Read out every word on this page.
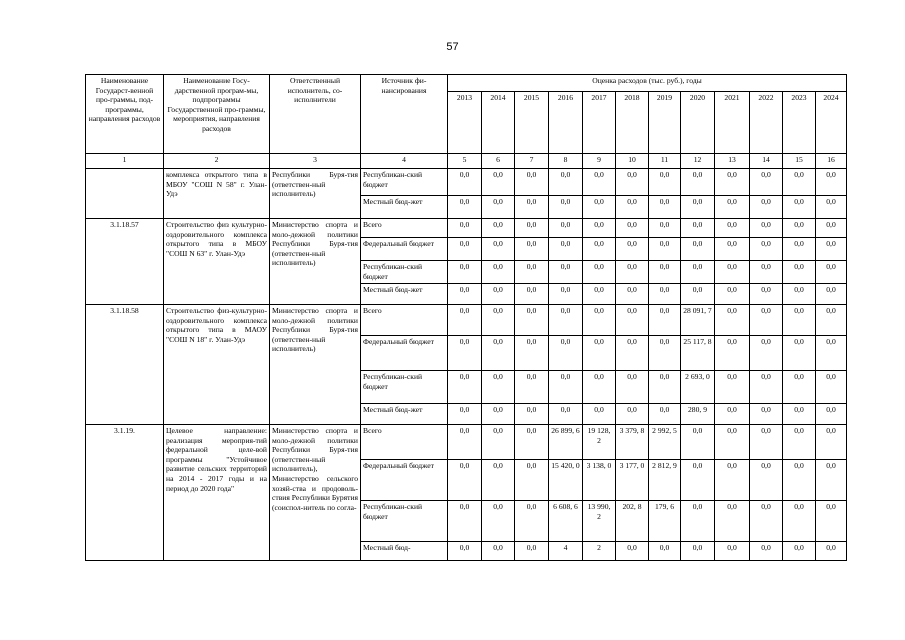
57
Наименование Государст-венной про-граммы, под-программы, направления расходов	Наименование Госу-дарственной програм-мы, подпрограммы Государственной про-граммы, мероприятия, направления расходов	Ответственный исполнитель, со-исполнители	Источник фи-нансирования	Оценка расходов (тыс. руб.), годы											
				2013	2014	2015	2016	2017	2018	2019	2020	2021	2022	2023	2024
1	2	3	4	5	6	7	8	9	10	11	12	13	14	15	16
	комплекса открытого типа в МБОУ "СОШ N 58" г. Улан-Удэ	Республики Буря-тия (ответствен-ный исполнитель)	Республикан-ский бюджет	0,0	0,0	0,0	0,0	0,0	0,0	0,0	0,0	0,0	0,0	0,0	0,0
			Местный бюд-жет	0,0	0,0	0,0	0,0	0,0	0,0	0,0	0,0	0,0	0,0	0,0	0,0
3.1.18.57	Строительство физ культурно-оздоровительного комплекса открытого типа в МБОУ "СОШ N 63" г. Улан-Удэ	Министерство спорта и моло-дежной политики Республики Буря-тия (ответствен-ный исполнитель)	Всего	0,0	0,0	0,0	0,0	0,0	0,0	0,0	0,0	0,0	0,0	0,0	0,0
			Федеральный бюджет	0,0	0,0	0,0	0,0	0,0	0,0	0,0	0,0	0,0	0,0	0,0	0,0
			Республикан-ский бюджет	0,0	0,0	0,0	0,0	0,0	0,0	0,0	0,0	0,0	0,0	0,0	0,0
			Местный бюд-жет	0,0	0,0	0,0	0,0	0,0	0,0	0,0	0,0	0,0	0,0	0,0	0,0
3.1.18.58	Строительство физ-культурно-оздоровительного комплекса открытого типа в МАОУ "СОШ N 18" г. Улан-Удэ	Министерство спорта и моло-дежной политики Республики Буря-тия (ответствен-ный исполнитель)	Всего	0,0	0,0	0,0	0,0	0,0	0,0	0,0	28 091, 7	0,0	0,0	0,0	0,0
			Федеральный бюджет	0,0	0,0	0,0	0,0	0,0	0,0	0,0	25 117, 8	0,0	0,0	0,0	0,0
			Республикан-ский бюджет	0,0	0,0	0,0	0,0	0,0	0,0	0,0	2 693, 0	0,0	0,0	0,0	0,0
			Местный бюд-жет	0,0	0,0	0,0	0,0	0,0	0,0	0,0	280, 9	0,0	0,0	0,0	0,0
3.1.19.	Целевое направление: реализация мероприя-тий федеральной целе-вой программы "Устойчивое развитие сельских территорий на 2014 - 2017 годы и на период до 2020 года"	Министерство спорта и моло-дежной политики Республики Буря-тия (ответствен-ный исполнитель), Министерство сельского хозяй-ства и продоволь-ствия Республики Бурятия (соиспол-нитель по согла-	Всего	0,0	0,0	0,0	26 899, 6	19 128, 2	3 379, 8	2 992, 5	0,0	0,0	0,0	0,0	0,0
			Федеральный бюджет	0,0	0,0	0,0	15 420, 0	3 138, 0	3 177, 0	2 812, 9	0,0	0,0	0,0	0,0	0,0
			Республикан-ский бюджет	0,0	0,0	0,0	6 608, 6	13 990, 2	202, 8	179, 6	0,0	0,0	0,0	0,0	0,0
			Местный бюд-	0,0	0,0	0,0	4	2	0,0	0,0	0,0	0,0	0,0	0,0	0,0
